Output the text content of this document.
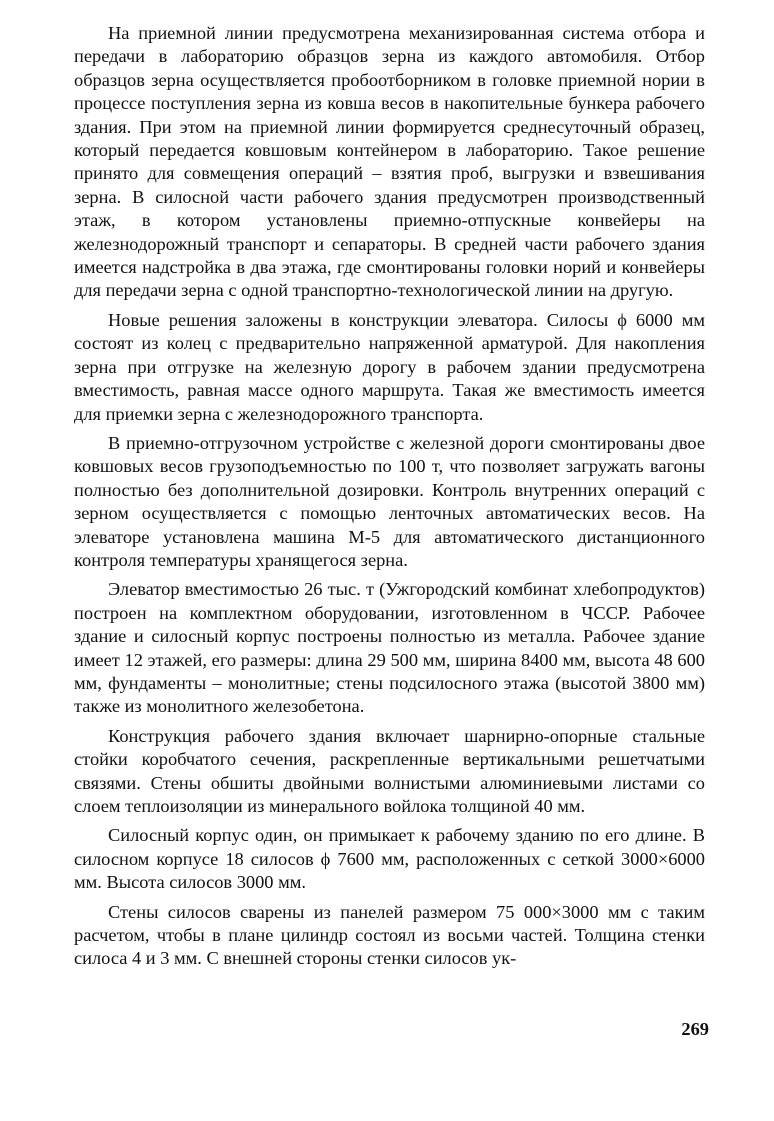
На приемной линии предусмотрена механизированная система отбора и передачи в лабораторию образцов зерна из каждого автомобиля. Отбор образцов зерна осуществляется пробоотборником в головке приемной нории в процессе поступления зерна из ковша весов в накопительные бункера рабочего здания. При этом на приемной линии формируется среднесуточный образец, который передается ковшовым контейнером в лабораторию. Такое решение принято для совмещения операций – взятия проб, выгрузки и взвешивания зерна. В силосной части рабочего здания предусмотрен производственный этаж, в котором установлены приемно-отпускные конвейеры на железнодорожный транспорт и сепараторы. В средней части рабочего здания имеется надстройка в два этажа, где смонтированы головки норий и конвейеры для передачи зерна с одной транспортно-технологической линии на другую.

Новые решения заложены в конструкции элеватора. Силосы ϕ 6000 мм состоят из колец с предварительно напряженной арматурой. Для накопления зерна при отгрузке на железную дорогу в рабочем здании предусмотрена вместимость, равная массе одного маршрута. Такая же вместимость имеется для приемки зерна с железнодорожного транспорта.

В приемно-отгрузочном устройстве с железной дороги смонтированы двое ковшовых весов грузоподъемностью по 100 т, что позволяет загружать вагоны полностью без дополнительной дозировки. Контроль внутренних операций с зерном осуществляется с помощью ленточных автоматических весов. На элеваторе установлена машина М-5 для автоматического дистанционного контроля температуры хранящегося зерна.

Элеватор вместимостью 26 тыс. т (Ужгородский комбинат хлебопродуктов) построен на комплектном оборудовании, изготовленном в ЧССР. Рабочее здание и силосный корпус построены полностью из металла. Рабочее здание имеет 12 этажей, его размеры: длина 29 500 мм, ширина 8400 мм, высота 48 600 мм, фундаменты – монолитные; стены подсилосного этажа (высотой 3800 мм) также из монолитного железобетона.

Конструкция рабочего здания включает шарнирно-опорные стальные стойки коробчатого сечения, раскрепленные вертикальными решетчатыми связями. Стены обшиты двойными волнистыми алюминиевыми листами со слоем теплоизоляции из минерального войлока толщиной 40 мм.

Силосный корпус один, он примыкает к рабочему зданию по его длине. В силосном корпусе 18 силосов ϕ 7600 мм, расположенных с сеткой 3000×6000 мм. Высота силосов 3000 мм.

Стены силосов сварены из панелей размером 75 000×3000 мм с таким расчетом, чтобы в плане цилиндр состоял из восьми частей. Толщина стенки силоса 4 и 3 мм. С внешней стороны стенки силосов ук-

269
